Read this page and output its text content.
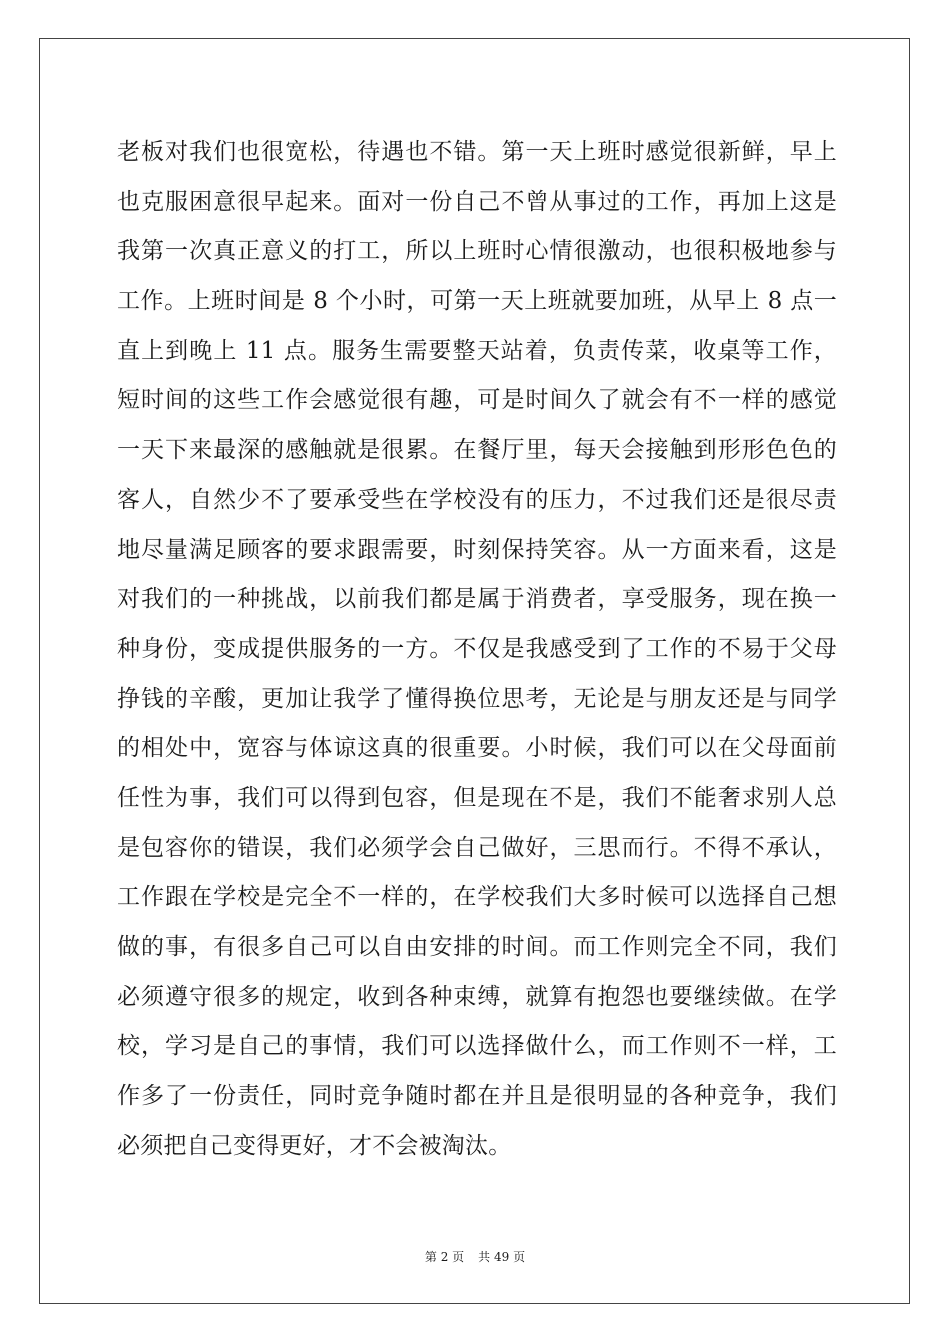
老板对我们也很宽松，待遇也不错。第一天上班时感觉很新鲜，早上
也克服困意很早起来。面对一份自己不曾从事过的工作，再加上这是
我第一次真正意义的打工，所以上班时心情很激动，也很积极地参与
工作。上班时间是 8 个小时，可第一天上班就要加班，从早上 8 点一
直上到晚上 11 点。服务生需要整天站着，负责传菜，收桌等工作，
短时间的这些工作会感觉很有趣，可是时间久了就会有不一样的感觉
一天下来最深的感触就是很累。在餐厅里，每天会接触到形形色色的
客人，自然少不了要承受些在学校没有的压力，不过我们还是很尽责
地尽量满足顾客的要求跟需要，时刻保持笑容。从一方面来看，这是
对我们的一种挑战，以前我们都是属于消费者，享受服务，现在换一
种身份，变成提供服务的一方。不仅是我感受到了工作的不易于父母
挣钱的辛酸，更加让我学了懂得换位思考，无论是与朋友还是与同学
的相处中，宽容与体谅这真的很重要。小时候，我们可以在父母面前
任性为事，我们可以得到包容，但是现在不是，我们不能奢求别人总
是包容你的错误，我们必须学会自己做好，三思而行。不得不承认，
工作跟在学校是完全不一样的，在学校我们大多时候可以选择自己想
做的事，有很多自己可以自由安排的时间。而工作则完全不同，我们
必须遵守很多的规定，收到各种束缚，就算有抱怨也要继续做。在学
校，学习是自己的事情，我们可以选择做什么，而工作则不一样，工
作多了一份责任，同时竞争随时都在并且是很明显的各种竞争，我们
必须把自己变得更好，才不会被淘汰。
第 2 页 共 49 页
